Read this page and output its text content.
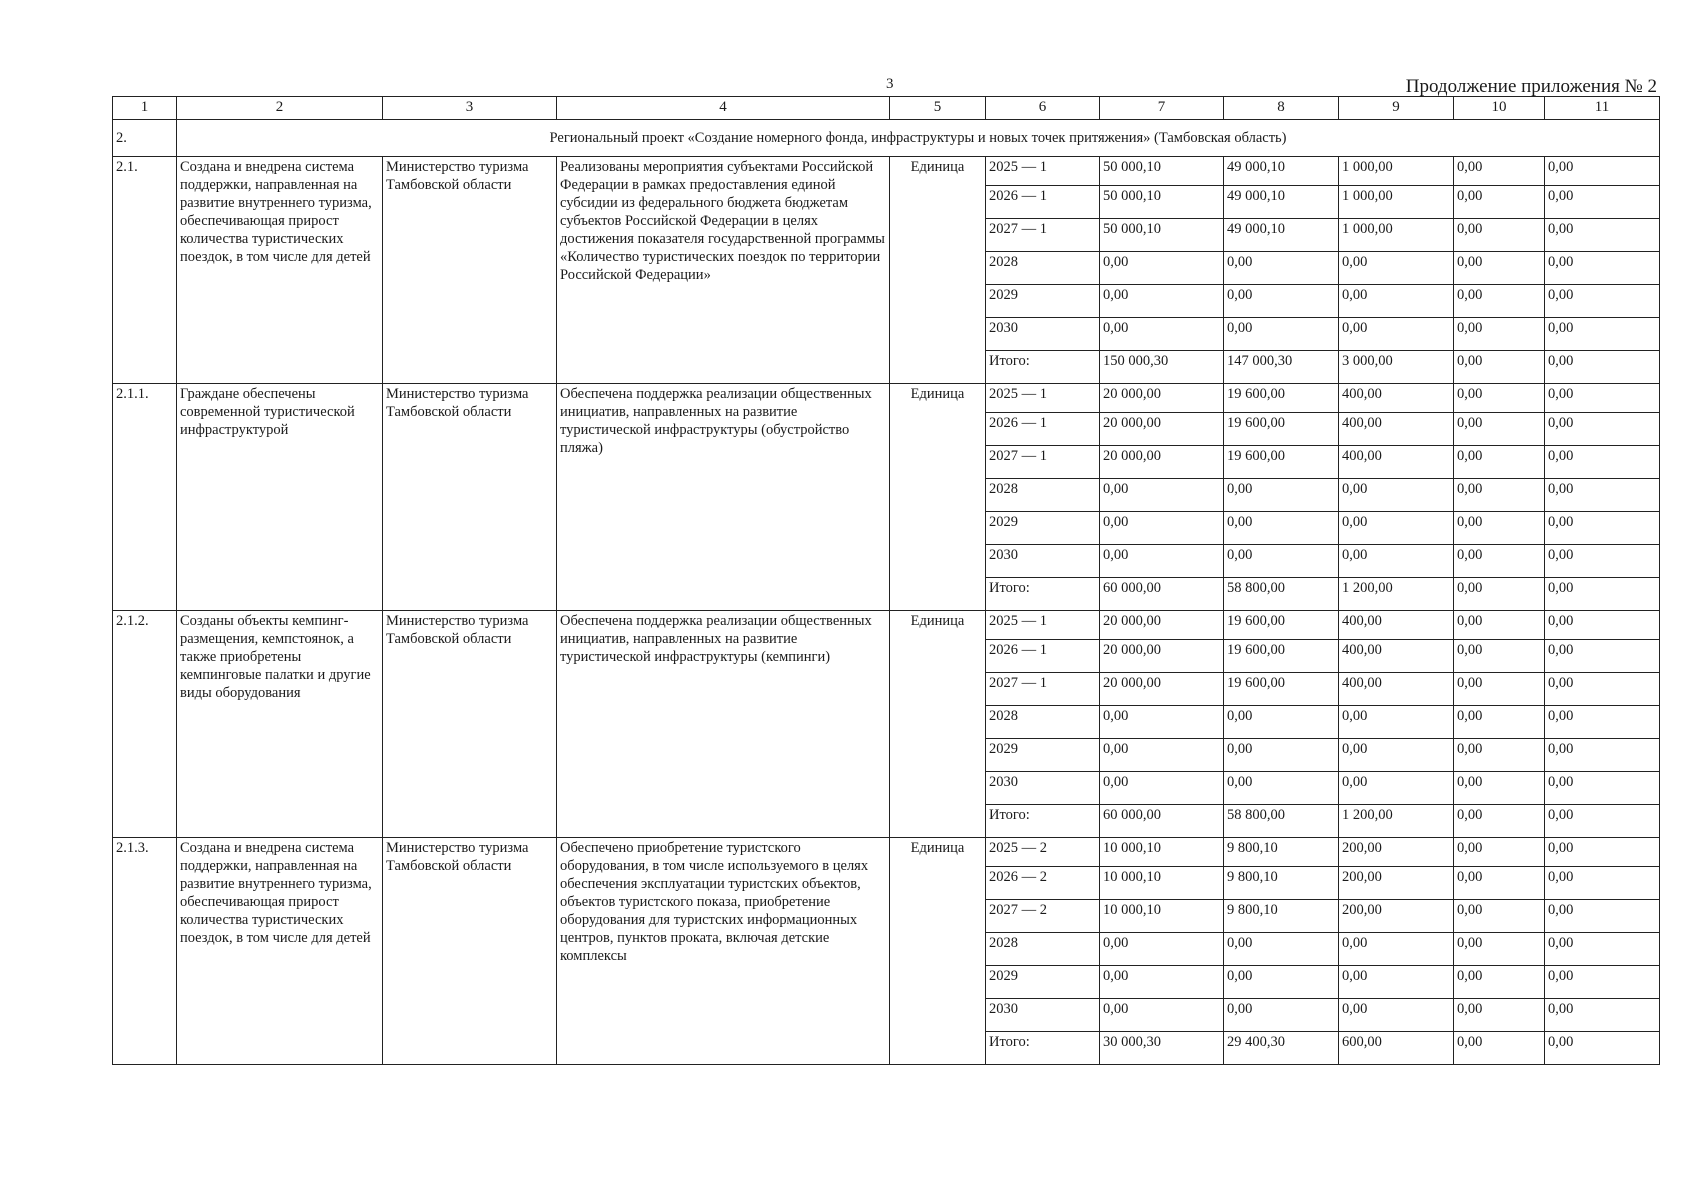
3	Продолжение приложения № 2
1	2	3	4	5	6	7	8	9	10	11
2.	Региональный проект «Создание номерного фонда, инфраструктуры и новых точек притяжения» (Тамбовская область)									
2.1.	Создана и внедрена система поддержки, направленная на развитие внутреннего туризма, обеспечивающая прирост количества туристических поездок, в том числе для детей	Министерство туризма Тамбовской области	Реализованы мероприятия субъектами Российской Федерации в рамках предоставления единой субсидии из федерального бюджета бюджетам субъектов Российской Федерации в целях достижения показателя государственной программы «Количество туристических поездок по территории Российской Федерации»	Единица	2025 — 1	50 000,10	49 000,10	1 000,00	0,00	0,00
					2026 — 1	50 000,10	49 000,10	1 000,00	0,00	0,00
					2027 — 1	50 000,10	49 000,10	1 000,00	0,00	0,00
					2028	0,00	0,00	0,00	0,00	0,00
					2029	0,00	0,00	0,00	0,00	0,00
					2030	0,00	0,00	0,00	0,00	0,00
					Итого:	150 000,30	147 000,30	3 000,00	0,00	0,00
2.1.1.	Граждане обеспечены современной туристической инфраструктурой	Министерство туризма Тамбовской области	Обеспечена поддержка реализации общественных инициатив, направленных на развитие туристической инфраструктуры (обустройство пляжа)	Единица	2025 — 1	20 000,00	19 600,00	400,00	0,00	0,00
					2026 — 1	20 000,00	19 600,00	400,00	0,00	0,00
					2027 — 1	20 000,00	19 600,00	400,00	0,00	0,00
					2028	0,00	0,00	0,00	0,00	0,00
					2029	0,00	0,00	0,00	0,00	0,00
					2030	0,00	0,00	0,00	0,00	0,00
					Итого:	60 000,00	58 800,00	1 200,00	0,00	0,00
2.1.2.	Созданы объекты кемпинг-размещения, кемпстоянок, а также приобретены кемпинговые палатки и другие виды оборудования	Министерство туризма Тамбовской области	Обеспечена поддержка реализации общественных инициатив, направленных на развитие туристической инфраструктуры (кемпинги)	Единица	2025 — 1	20 000,00	19 600,00	400,00	0,00	0,00
					2026 — 1	20 000,00	19 600,00	400,00	0,00	0,00
					2027 — 1	20 000,00	19 600,00	400,00	0,00	0,00
					2028	0,00	0,00	0,00	0,00	0,00
					2029	0,00	0,00	0,00	0,00	0,00
					2030	0,00	0,00	0,00	0,00	0,00
					Итого:	60 000,00	58 800,00	1 200,00	0,00	0,00
2.1.3.	Создана и внедрена система поддержки, направленная на развитие внутреннего туризма, обеспечивающая прирост количества туристических поездок, в том числе для детей	Министерство туризма Тамбовской области	Обеспечено приобретение туристского оборудования, в том числе используемого в целях обеспечения эксплуатации туристских объектов, объектов туристского показа, приобретение оборудования для туристских информационных центров, пунктов проката, включая детские комплексы	Единица	2025 — 2	10 000,10	9 800,10	200,00	0,00	0,00
					2026 — 2	10 000,10	9 800,10	200,00	0,00	0,00
					2027 — 2	10 000,10	9 800,10	200,00	0,00	0,00
					2028	0,00	0,00	0,00	0,00	0,00
					2029	0,00	0,00	0,00	0,00	0,00
					2030	0,00	0,00	0,00	0,00	0,00
					Итого:	30 000,30	29 400,30	600,00	0,00	0,00
